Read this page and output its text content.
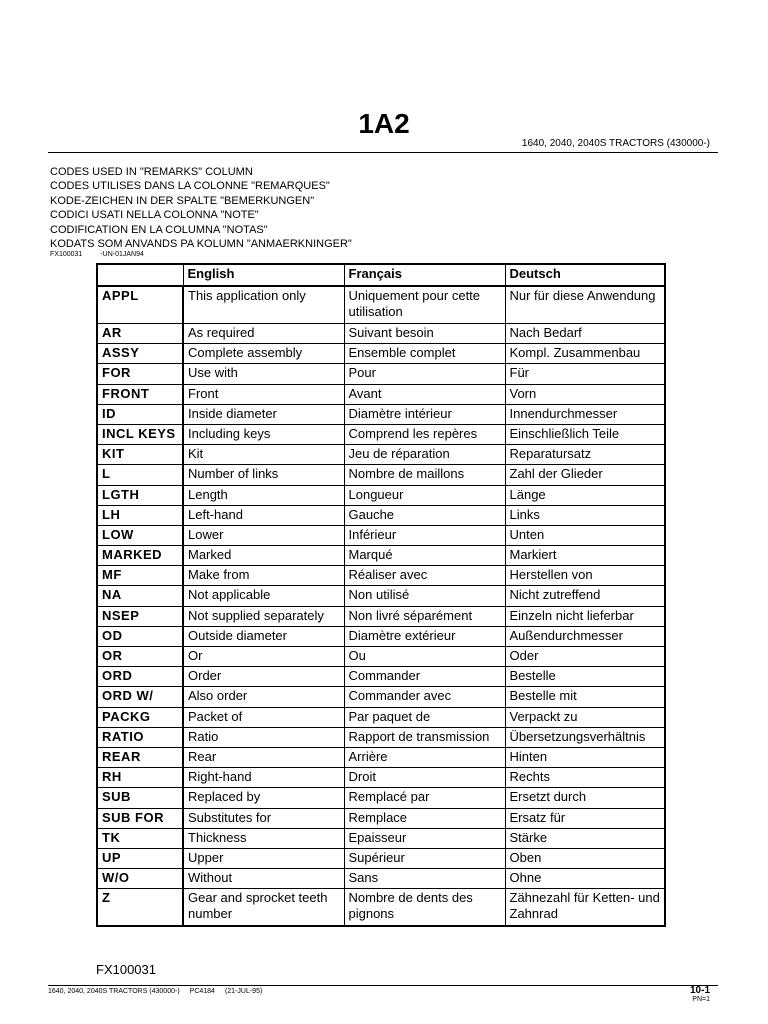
1A2
1640, 2040, 2040S TRACTORS (430000-)
CODES USED IN "REMARKS" COLUMN
CODES UTILISES DANS LA COLONNE "REMARQUES"
KODE-ZEICHEN IN DER SPALTE "BEMERKUNGEN"
CODICI USATI NELLA COLONNA "NOTE"
CODIFICATION EN LA COLUMNA "NOTAS"
KODATS SOM ANVANDS PA KOLUMN "ANMAERKNINGER"
FX100031	-UN-01JAN94
	English	Français	Deutsch
APPL	This application only	Uniquement pour cette utilisation	Nur für diese Anwendung
AR	As required	Suivant besoin	Nach Bedarf
ASSY	Complete assembly	Ensemble complet	Kompl. Zusammenbau
FOR	Use with	Pour	Für
FRONT	Front	Avant	Vorn
ID	Inside diameter	Diamètre intérieur	Innendurchmesser
INCL KEYS	Including keys	Comprend les repères	Einschließlich Teile
KIT	Kit	Jeu de réparation	Reparatursatz
L	Number of links	Nombre de maillons	Zahl der Glieder
LGTH	Length	Longueur	Länge
LH	Left-hand	Gauche	Links
LOW	Lower	Inférieur	Unten
MARKED	Marked	Marqué	Markiert
MF	Make from	Réaliser avec	Herstellen von
NA	Not applicable	Non utilisé	Nicht zutreffend
NSEP	Not supplied separately	Non livré séparément	Einzeln nicht lieferbar
OD	Outside diameter	Diamètre extérieur	Außendurchmesser
OR	Or	Ou	Oder
ORD	Order	Commander	Bestelle
ORD W/	Also order	Commander avec	Bestelle mit
PACKG	Packet of	Par paquet de	Verpackt zu
RATIO	Ratio	Rapport de transmission	Übersetzungsverhältnis
REAR	Rear	Arrière	Hinten
RH	Right-hand	Droit	Rechts
SUB	Replaced by	Remplacé par	Ersetzt durch
SUB FOR	Substitutes for	Remplace	Ersatz für
TK	Thickness	Epaisseur	Stärke
UP	Upper	Supérieur	Oben
W/O	Without	Sans	Ohne
Z	Gear and sprocket teeth number	Nombre de dents des pignons	Zähnezahl für Ketten- und Zahnrad
FX100031
1640, 2040, 2040S TRACTORS (430000-) PC4184 (21-JUL-95)	10-1
PN=1
